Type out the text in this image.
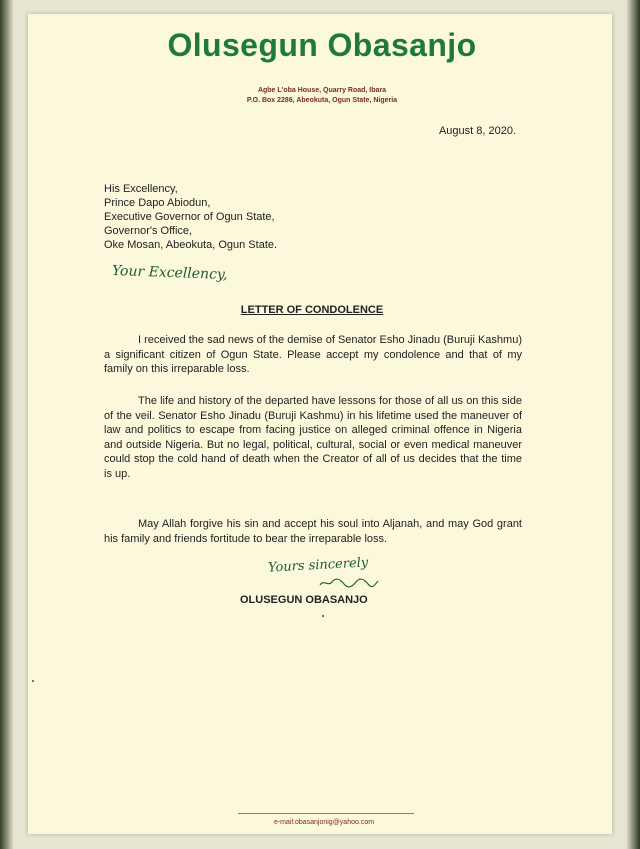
Olusegun Obasanjo
Agbe L'oba House, Quarry Road, Ibara
P.O. Box 2286, Abeokuta, Ogun State, Nigeria
August 8, 2020.
His Excellency,
Prince Dapo Abiodun,
Executive Governor of Ogun State,
Governor's Office,
Oke Mosan, Abeokuta, Ogun State.
Your Excellency,
LETTER OF CONDOLENCE
I received the sad news of the demise of Senator Esho Jinadu (Buruji Kashmu) a significant citizen of Ogun State. Please accept my condolence and that of my family on this irreparable loss.
The life and history of the departed have lessons for those of all us on this side of the veil. Senator Esho Jinadu (Buruji Kashmu) in his lifetime used the maneuver of law and politics to escape from facing justice on alleged criminal offence in Nigeria and outside Nigeria. But no legal, political, cultural, social or even medical maneuver could stop the cold hand of death when the Creator of all of us decides that the time is up.
May Allah forgive his sin and accept his soul into Aljanah, and may God grant his family and friends fortitude to bear the irreparable loss.
Yours sincerely
OLUSEGUN OBASANJO
e-mail:obasanjonig@yahoo.com
